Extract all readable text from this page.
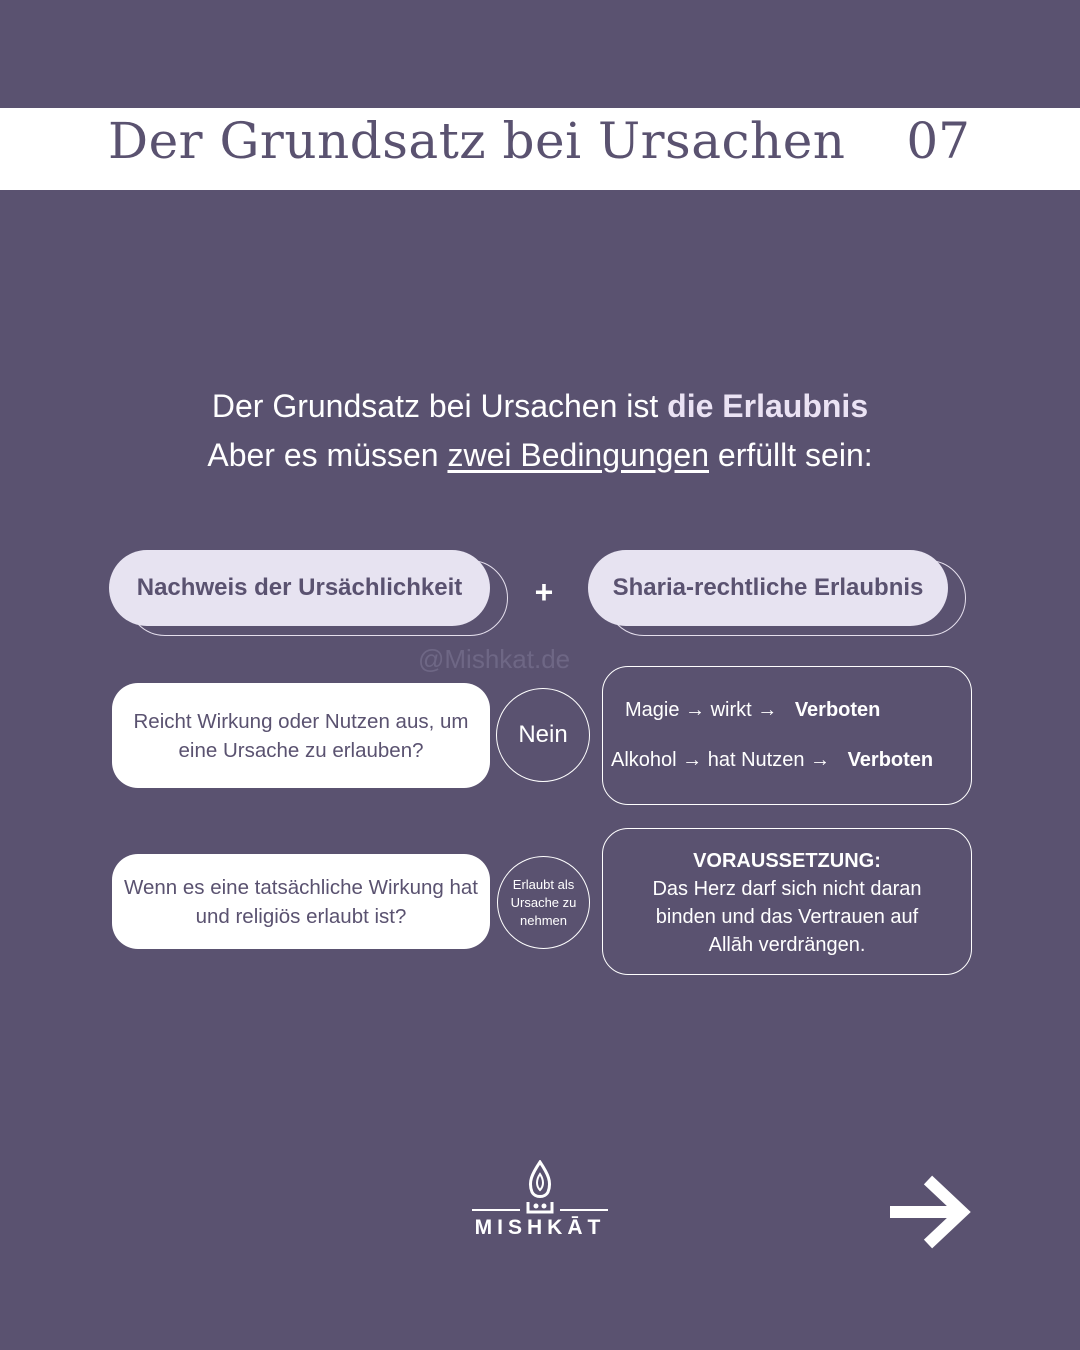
Der Grundsatz bei Ursachen 07
Der Grundsatz bei Ursachen ist die Erlaubnis
Aber es müssen zwei Bedingungen erfüllt sein:
Nachweis der Ursächlichkeit	+	Sharia-rechtliche Erlaubnis
@Mishkat.de
Reicht Wirkung oder Nutzen aus, um eine Ursache zu erlauben?
Nein
Magie → wirkt → Verboten
Alkohol → hat Nutzen → Verboten
Wenn es eine tatsächliche Wirkung hat und religiös erlaubt ist?
Erlaubt als Ursache zu nehmen
VORAUSSETZUNG:
Das Herz darf sich nicht daran binden und das Vertrauen auf Allāh verdrängen.
MISHKĀT
